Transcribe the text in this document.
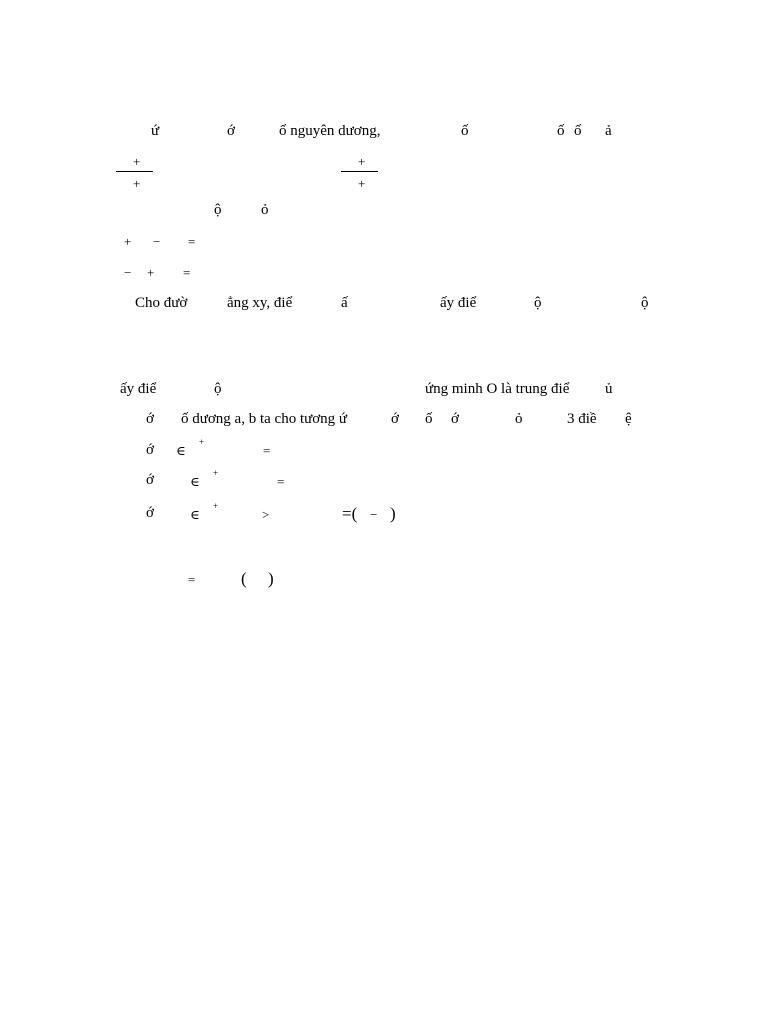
ứ	ớ	ố nguyên dương,	ố	ố ố ả
+
+
+
+
ộ	ỏ
+ − =
− + =
Cho đườ	ẳng xy, điể	ấ	ấy điể	ộ	ộ
ấy điể	ộ	ứng minh O là trung điể ủ
ớ ố dương a, b ta cho tương ứ	ớ ố ớ	ỏ	3 điề ệ
ớ ∈
+
=
ớ	∈
+
=
ớ	∈
+
>	=( − )
=	( )
